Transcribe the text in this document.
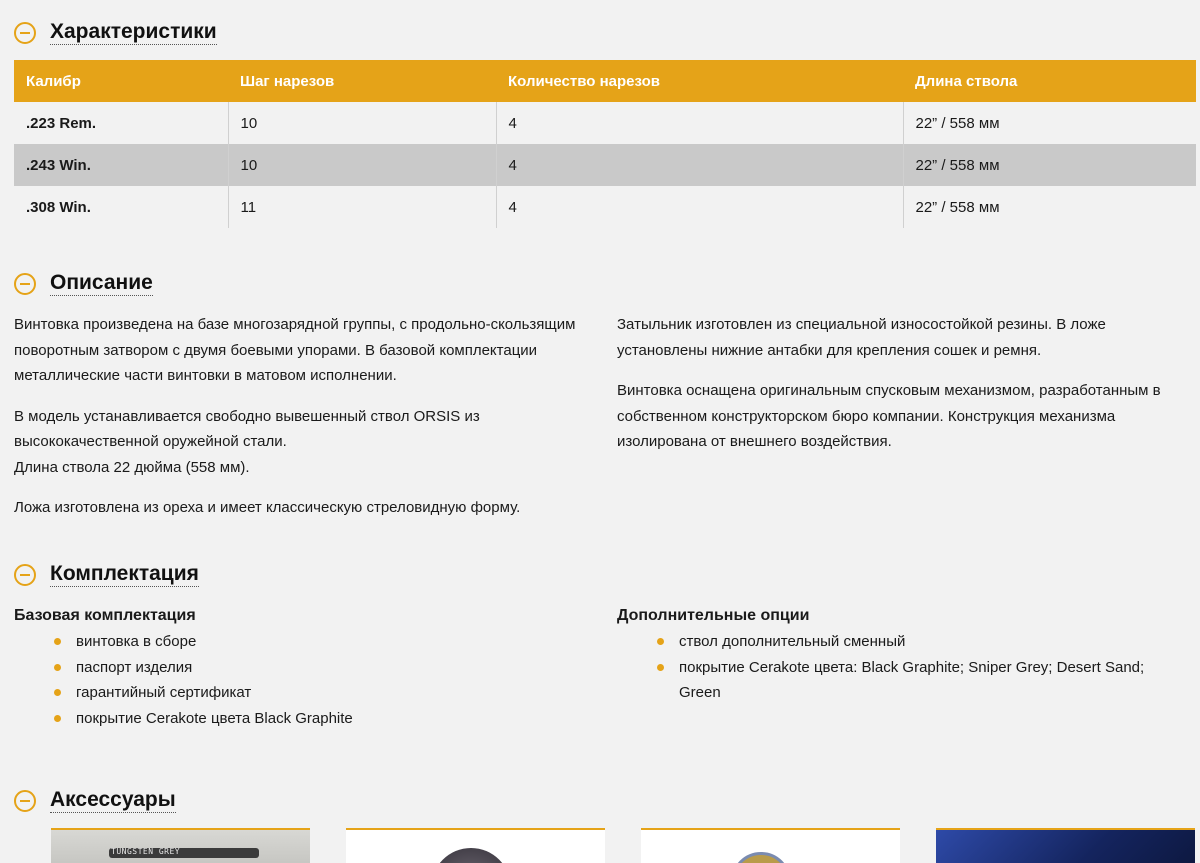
Характеристики
Калибр	Шаг нарезов	Количество нарезов	Длина ствола
.223 Rem.	10	4	22” / 558 мм
.243 Win.	10	4	22” / 558 мм
.308 Win.	11	4	22” / 558 мм
Описание

Винтовка произведена на базе многозарядной группы, с продольно-скользящим поворотным затвором с двумя боевыми упорами. В базовой комплектации металлические части винтовки в матовом исполнении.

В модель устанавливается свободно вывешенный ствол ORSIS из высококачественной оружейной стали.
Длина ствола 22 дюйма (558 мм).

Ложа изготовлена из ореха и имеет классическую стреловидную форму.

Затыльник изготовлен из специальной износостойкой резины. В ложе установлены нижние антабки для крепления сошек и ремня.

Винтовка оснащена оригинальным спусковым механизмом, разработанным в собственном конструкторском бюро компании. Конструкция механизма изолирована от внешнего воздействия.

Комплектация
Базовая комплектация
винтовка в сборе
паспорт изделия
гарантийный сертификат
покрытие Cerakote цвета Black Graphite
Дополнительные опции
ствол дополнительный сменный
покрытие Cerakote цвета: Black Graphite; Sniper Grey; Desert Sand; Green
Аксессуары
TUNGSTEN GREY
